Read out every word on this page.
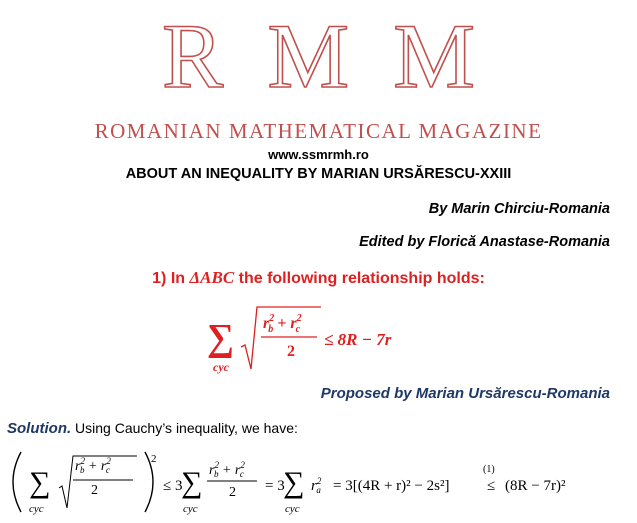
R M M
ROMANIAN MATHEMATICAL MAGAZINE
www.ssmrmh.ro
ABOUT AN INEQUALITY BY MARIAN URSĂRESCU-XXIII
By Marin Chirciu-Romania
Edited by Florică Anastase-Romania
1) In ΔABC the following relationship holds:
∑
cyc
$r^2$ $b + r^2$ c
2
≤ 8R − 7r
Proposed by Marian Ursărescu-Romania
Solution. Using Cauchy’s inequality, we have:
∑
cyc
$r^2$ $b + r^2$ c
2
2
≤ 3
∑
cyc
$r^2$ $b + r^2$ c
2 = 3
∑
cyc
$r^2$ a = 3[(4R + r)² − 2s²]
(1)
≤ (8R − 7r)²
